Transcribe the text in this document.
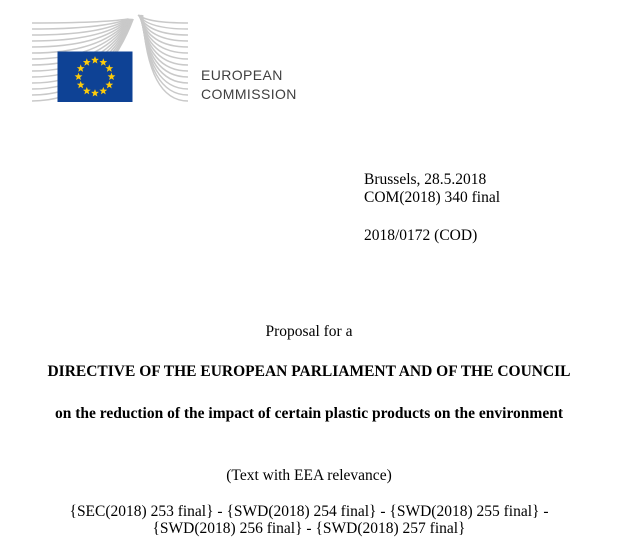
EUROPEAN
COMMISSION
Brussels, 28.5.2018
COM(2018) 340 final
2018/0172 (COD)
Proposal for a
DIRECTIVE OF THE EUROPEAN PARLIAMENT AND OF THE COUNCIL
on the reduction of the impact of certain plastic products on the environment
(Text with EEA relevance)
{SEC(2018) 253 final} - {SWD(2018) 254 final} - {SWD(2018) 255 final} -
{SWD(2018) 256 final} - {SWD(2018) 257 final}
